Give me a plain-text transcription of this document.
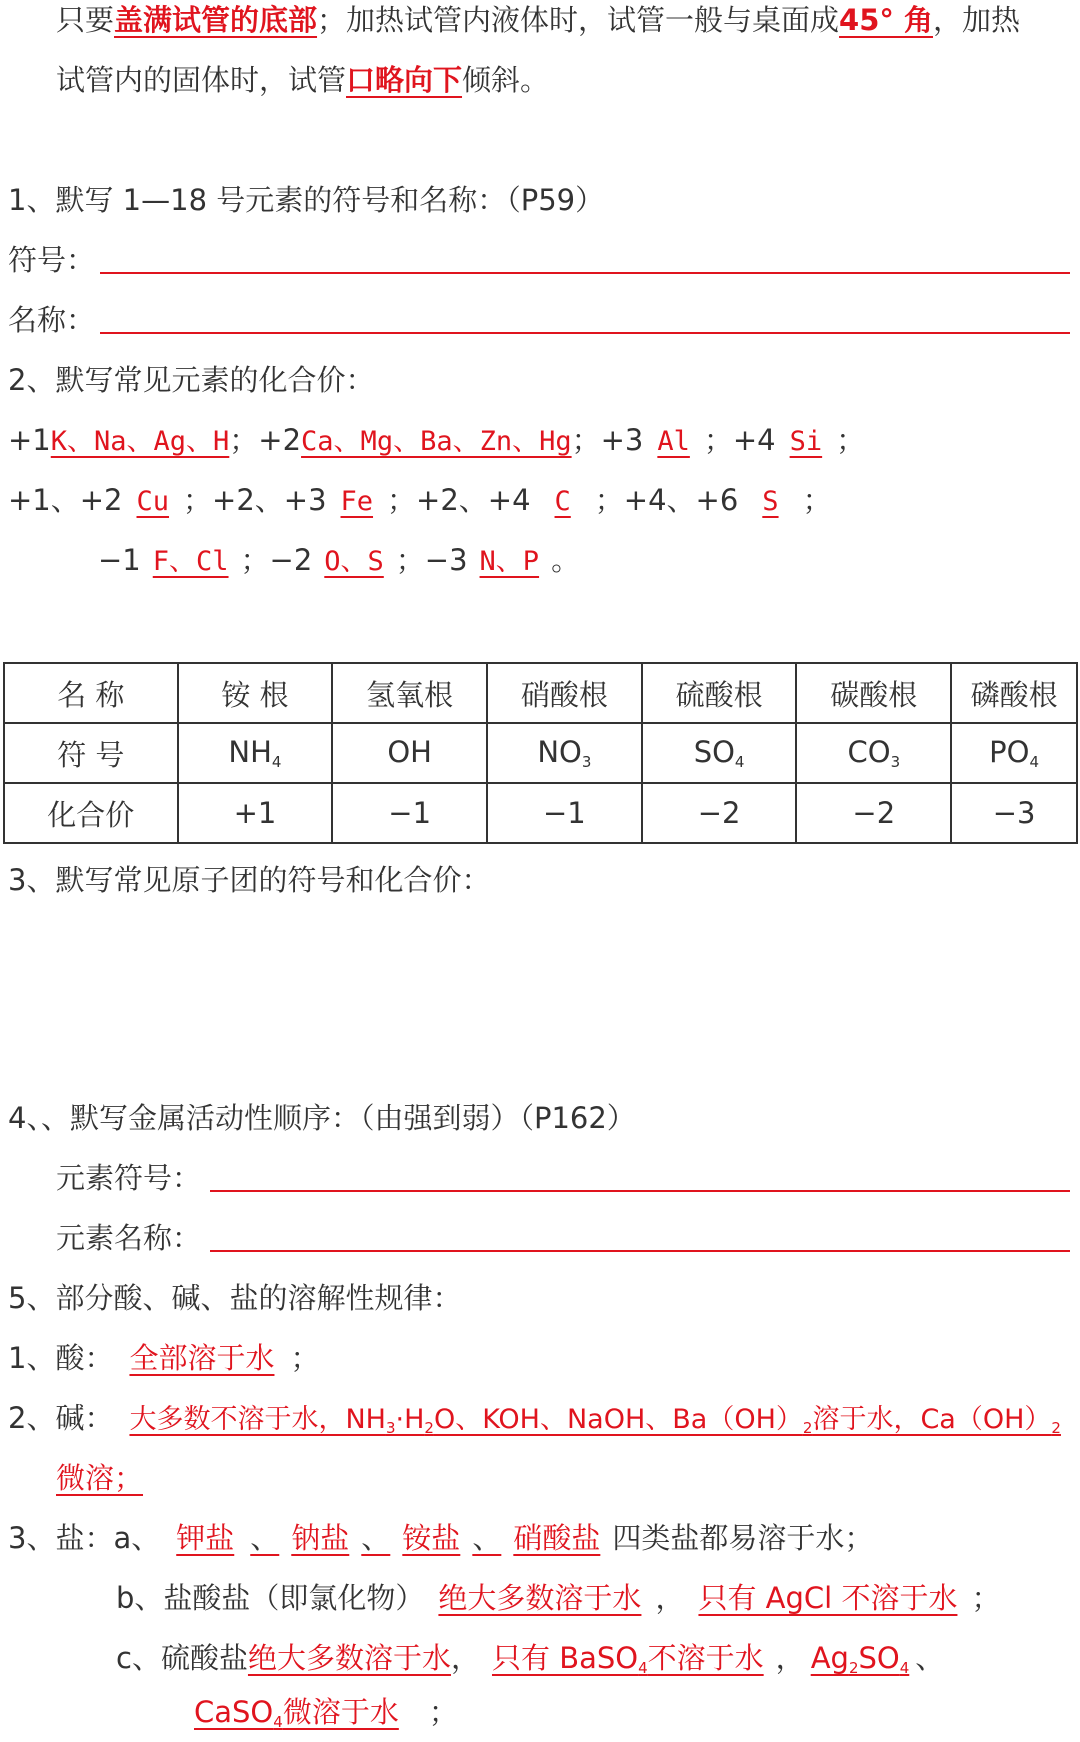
只要盖满试管的底部；加热试管内液体时，试管一般与桌面成45° 角，加热
试管内的固体时，试管口略向下倾斜。
1、默写 1—18 号元素的符号和名称：（P59）
符号：
名称：
2、默写常见元素的化合价：
+1K、Na、Ag、H；+2Ca、Mg、Ba、Zn、Hg；+3 Al ；+4 Si ；
+1、+2 Cu ；+2、+3 Fe ；+2、+4 C ；+4、+6 S ；
−1 F、Cl ；−2 O、S ；−3 N、P 。
名 称	铵 根	氢氧根	硝酸根	硫酸根	碳酸根	磷酸根
符 号	$NH_4$	OH	$NO_3$	$SO_4$	$CO_3$	$PO_4$
化合价	+1	−1	−1	−2	−2	−3
3、默写常见原子团的符号和化合价：
4、、默写金属活动性顺序：（由强到弱）（P162）
元素符号：
元素名称：
5、部分酸、碱、盐的溶解性规律：
1、酸： 全部溶于水 ；
2、碱： 大多数不溶于水，$NH_3\cdot H_2O$、KOH、NaOH、$Ba(OH)_2$溶于水，$Ca(OH)_2$
微溶；
3、盐：a、 钾盐 、 钠盐 、 铵盐 、 硝酸盐 四类盐都易溶于水；
b、盐酸盐（即氯化物） 绝大多数溶于水 ， 只有 AgCl 不溶于水 ；
c、硫酸盐绝大多数溶于水， 只有 BaSO$_4$不溶于水 ， $Ag_2SO_4$ 、
CaSO$_4$微溶于水 ；
